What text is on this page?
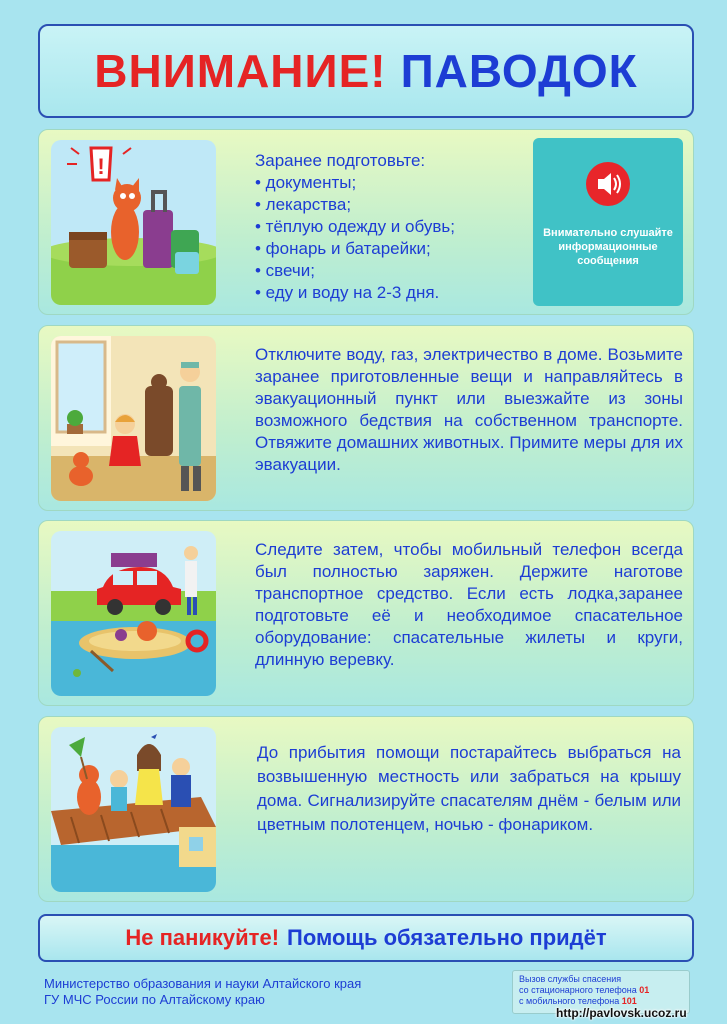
ВНИМАНИЕ! ПАВОДОК
!	Заранее подготовьте:
• документы;
• лекарства;
• тёплую одежду и обувь;
• фонарь и батарейки;
• свечи;
• еду и воду на 2-3 дня.
Внимательно слушайте информационные сообщения
Отключите воду, газ, электричество в доме. Возьмите заранее приготовленные вещи и направляйтесь в эвакуационный пункт или выезжайте из зоны возможного бедствия на собственном транспорте. Отвяжите домашних животных. Примите меры для их эвакуации.
Следите затем, чтобы мобильный телефон всегда был полностью заряжен. Держите наготове транспортное средство. Если есть лодка,заранее подготовьте её и необходимое спасательное оборудование: спасательные жилеты и круги, длинную веревку.
До прибытия помощи постарайтесь выбраться на возвышенную местность или забраться на крышу дома. Сигнализируйте спасателям днём - белым или цветным полотенцем, ночью - фонариком.
Не паникуйте! Помощь обязательно придёт
Министерство образования и науки Алтайского края
ГУ МЧС России по Алтайскому краю
Вызов службы спасения
со стационарного телефона 01
с мобильного телефона 101
http://pavlovsk.ucoz.ru
